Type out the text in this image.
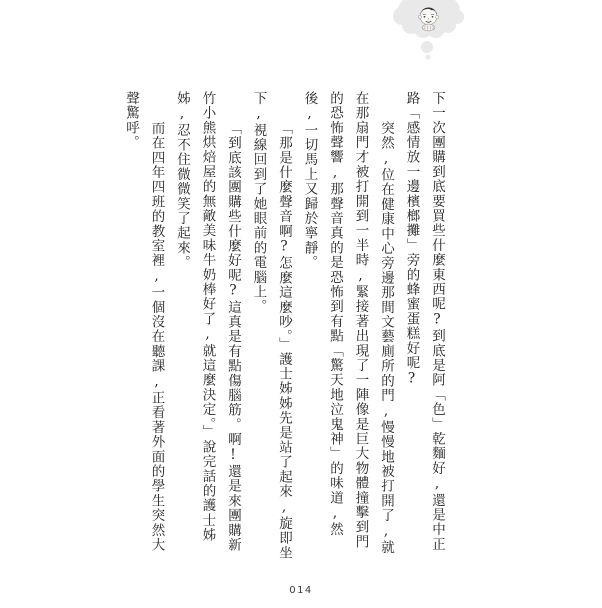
下一次團購到底要買些什麼東西呢?到底是阿「色」乾麵好,還是中正路「感情放一邊檳榔攤」旁的蜂蜜蛋糕好呢?

突然,位在健康中心旁邊那間文藝廁所的門,慢慢地被打開了,就在那扇門才被打開到一半時,緊接著出現了一陣像是巨大物體撞擊到門的恐怖聲響,那聲音真的是恐怖到有點「驚天地泣鬼神」的味道,然後,一切馬上又歸於寧靜。

「那是什麼聲音啊?怎麼這麼吵。」護士姊姊先是站了起來,旋即坐下,視線回到了她眼前的電腦上。

「到底該團購些什麼好呢?這真是有點傷腦筋。啊!還是來團購新竹小熊烘焙屋的無敵美味牛奶棒好了,就這麼決定。」說完話的護士姊姊,忍不住微微笑了起來。

而在四年四班的教室裡,一個沒在聽課,正看著外面的學生突然大聲驚呼。

014
